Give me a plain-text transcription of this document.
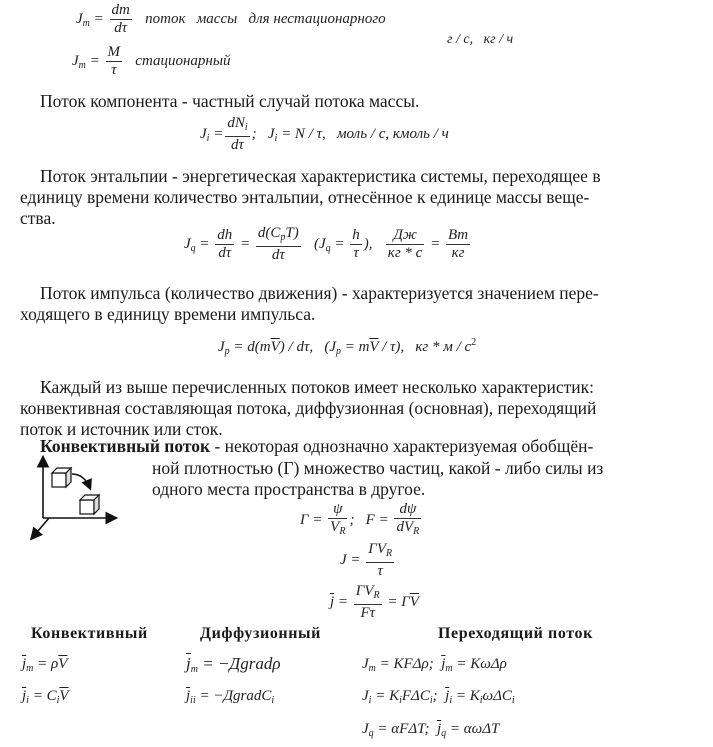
$J_m = \frac{dm}{d\tau}$ поток   массы   для нестационарного
г / с,   кг / ч
$J_m = \frac{M}{\tau}$ стационарный
Поток компонента - частный случай потока массы.
$J_i = \frac{dN_i}{d\tau}$ ;   $J_i = N / \tau$,   моль / с, кмоль / ч
Поток энтальпии - энергетическая характеристика системы, переходящее в
единицу времени количество энтальпии, отнесённое к единице массы веще-
ства.
$J_q = \frac{dh}{d\tau} = \frac{d(C_pT)}{d\tau} (J_q = \frac{h}{\tau}$ ), $\frac{Дж}{кг * с} = \frac{Вт}{кг}$
Поток импульса (количество движения) - характеризуется значением пере-
ходящего в единицу времени импульса.
$J_p = d(m\overline{V}) / d\tau$,   $(J_p = m\overline{V} / \tau)$,   кг * м / $с^2$
Каждый из выше перечисленных потоков имеет несколько характеристик:
конвективная составляющая потока, диффузионная (основная), переходящий
поток и источник или сток.
Конвективный поток - некоторая однозначно характеризуемая обобщён-
ной плотностью (Г) множество частиц, какой - либо силы из
одного места пространства в другое.
$Г = \frac{\psi}{V_R}$ ;   $F = \frac{d\psi}{dV_R}$
$J = \frac{ГV_R}{\tau}$
$\overline{j} = \frac{ГV_R}{F\tau} = Г\overline{V}$
Конвективный	Диффузионный	Переходящий поток
$\overline{j}_m = \rho\overline{V}$
$\overline{j}_i = C_i\overline{V}$
$\overline{j}_m$ = −Дgradρ
$\overline{j}_{ii}$ = −ДgradC$_i$
$J_m = KF\Delta\rho$;  $\overline{j}_m = K\omega\Delta\rho$
$J_i = K_iF\Delta C_i$;  $\overline{j}_i = K_i\omega\Delta C_i$
$J_q = \alpha F\Delta T$;  $\overline{j}_q = \alpha\omega\Delta T$
